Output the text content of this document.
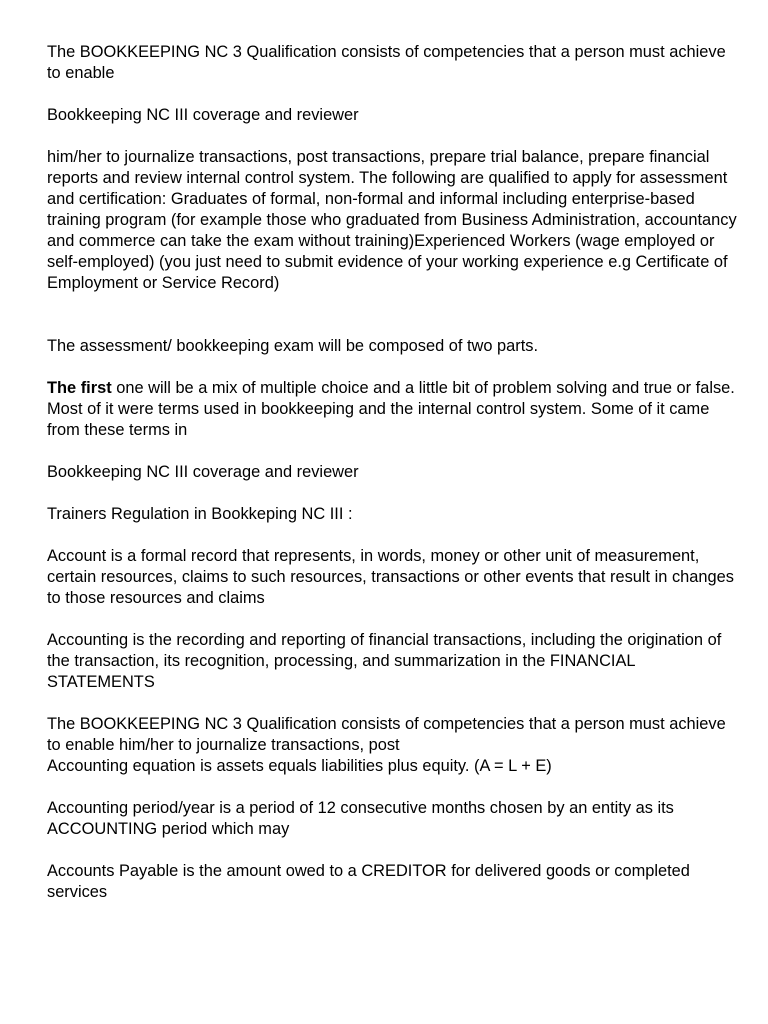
The BOOKKEEPING NC 3 Qualification consists of competencies that a person must achieve to enable

Bookkeeping NC III coverage and reviewer

him/her to journalize transactions, post transactions, prepare trial balance, prepare financial reports and review internal control system. The following are qualified to apply for assessment and certification: Graduates of formal, non-formal and informal including enterprise-based training program (for example those who graduated from Business Administration, accountancy and commerce can take the exam without training)Experienced Workers (wage employed or self-employed) (you just need to submit evidence of your working experience e.g Certificate of Employment or Service Record)

The assessment/ bookkeeping exam will be composed of two parts.

The first one will be a mix of multiple choice and a little bit of problem solving and true or false. Most of it were terms used in bookkeeping and the internal control system. Some of it came from these terms in

Bookkeeping NC III coverage and reviewer

Trainers Regulation in Bookkeping NC III :

Account is a formal record that represents, in words, money or other unit of measurement, certain resources, claims to such resources, transactions or other events that result in changes to those resources and claims

Accounting is the recording and reporting of financial transactions, including the origination of the transaction, its recognition, processing, and summarization in the FINANCIAL STATEMENTS

The BOOKKEEPING NC 3 Qualification consists of competencies that a person must achieve to enable him/her to journalize transactions, post
Accounting equation is assets equals liabilities plus equity. (A = L + E)

Accounting period/year is a period of 12 consecutive months chosen by an entity as its ACCOUNTING period which may

Accounts Payable is the amount owed to a CREDITOR for delivered goods or completed services
